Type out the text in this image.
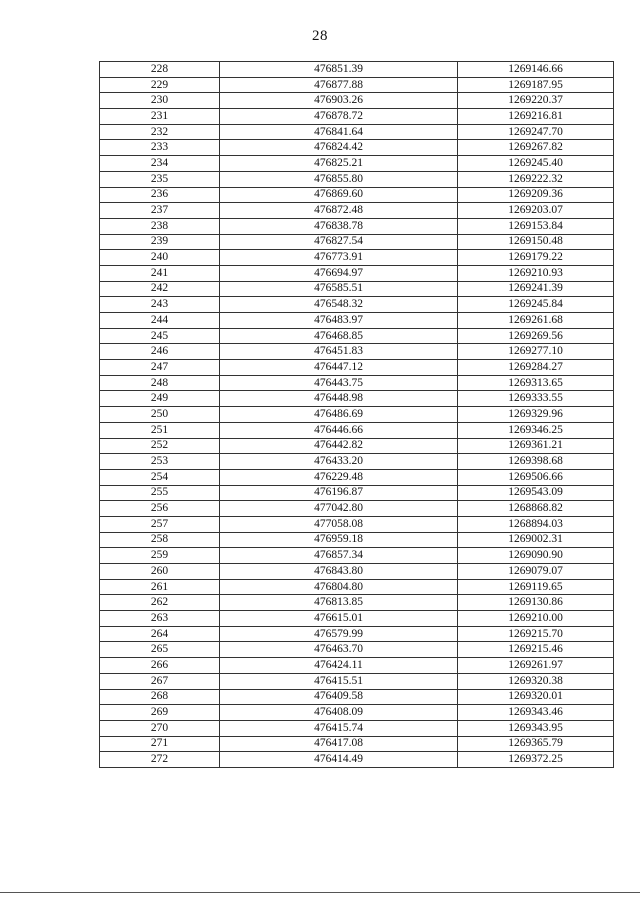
28
228	476851.39	1269146.66
229	476877.88	1269187.95
230	476903.26	1269220.37
231	476878.72	1269216.81
232	476841.64	1269247.70
233	476824.42	1269267.82
234	476825.21	1269245.40
235	476855.80	1269222.32
236	476869.60	1269209.36
237	476872.48	1269203.07
238	476838.78	1269153.84
239	476827.54	1269150.48
240	476773.91	1269179.22
241	476694.97	1269210.93
242	476585.51	1269241.39
243	476548.32	1269245.84
244	476483.97	1269261.68
245	476468.85	1269269.56
246	476451.83	1269277.10
247	476447.12	1269284.27
248	476443.75	1269313.65
249	476448.98	1269333.55
250	476486.69	1269329.96
251	476446.66	1269346.25
252	476442.82	1269361.21
253	476433.20	1269398.68
254	476229.48	1269506.66
255	476196.87	1269543.09
256	477042.80	1268868.82
257	477058.08	1268894.03
258	476959.18	1269002.31
259	476857.34	1269090.90
260	476843.80	1269079.07
261	476804.80	1269119.65
262	476813.85	1269130.86
263	476615.01	1269210.00
264	476579.99	1269215.70
265	476463.70	1269215.46
266	476424.11	1269261.97
267	476415.51	1269320.38
268	476409.58	1269320.01
269	476408.09	1269343.46
270	476415.74	1269343.95
271	476417.08	1269365.79
272	476414.49	1269372.25
